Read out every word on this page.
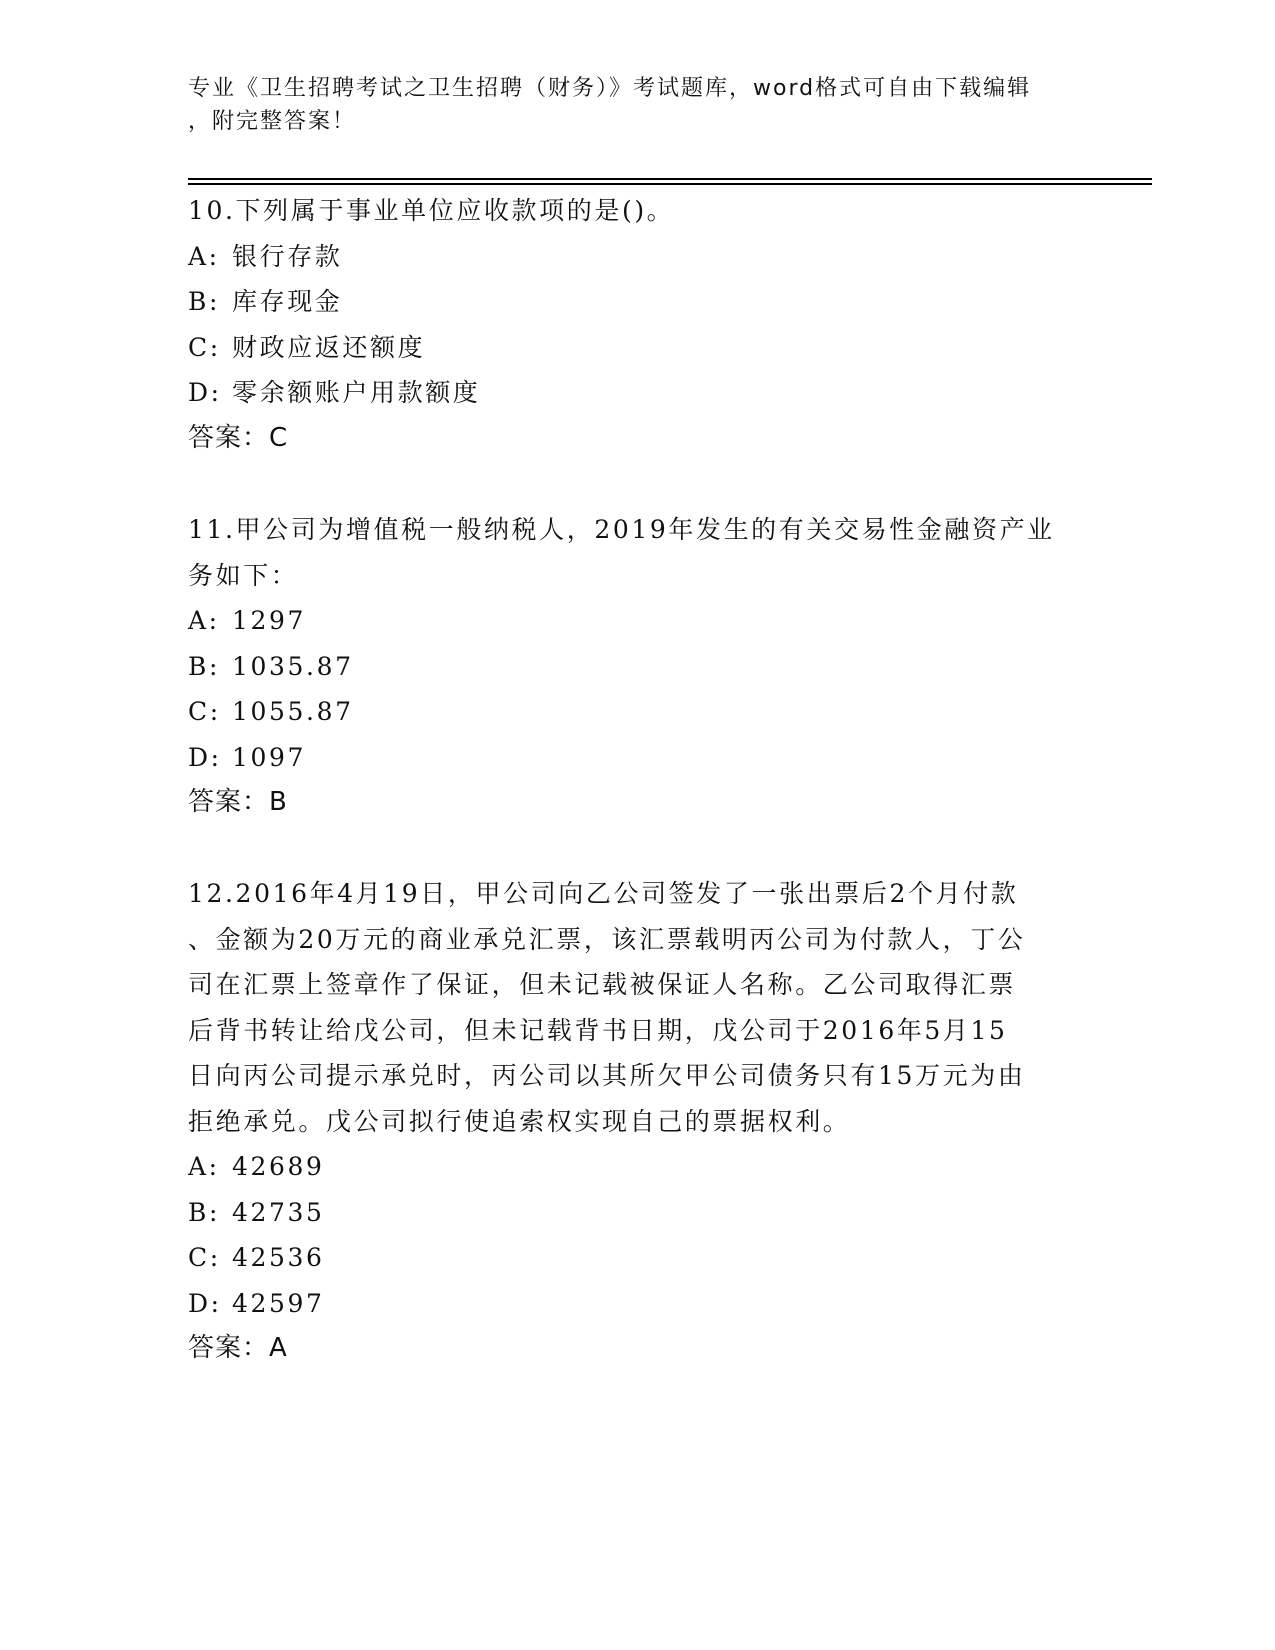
专业《卫生招聘考试之卫生招聘（财务）》考试题库，word格式可自由下载编辑
，附完整答案！
10.下列属于事业单位应收款项的是()。
A: 银行存款
B: 库存现金
C: 财政应返还额度
D: 零余额账户用款额度
答案：C
11.甲公司为增值税一般纳税人，2019年发生的有关交易性金融资产业
务如下：
A: 1297
B: 1035.87
C: 1055.87
D: 1097
答案：B
12.2016年4月19日，甲公司向乙公司签发了一张出票后2个月付款
、金额为20万元的商业承兑汇票，该汇票载明丙公司为付款人，丁公
司在汇票上签章作了保证，但未记载被保证人名称。乙公司取得汇票
后背书转让给戊公司，但未记载背书日期，戊公司于2016年5月15
日向丙公司提示承兑时，丙公司以其所欠甲公司债务只有15万元为由
拒绝承兑。戊公司拟行使追索权实现自己的票据权利。
A: 42689
B: 42735
C: 42536
D: 42597
答案：A
